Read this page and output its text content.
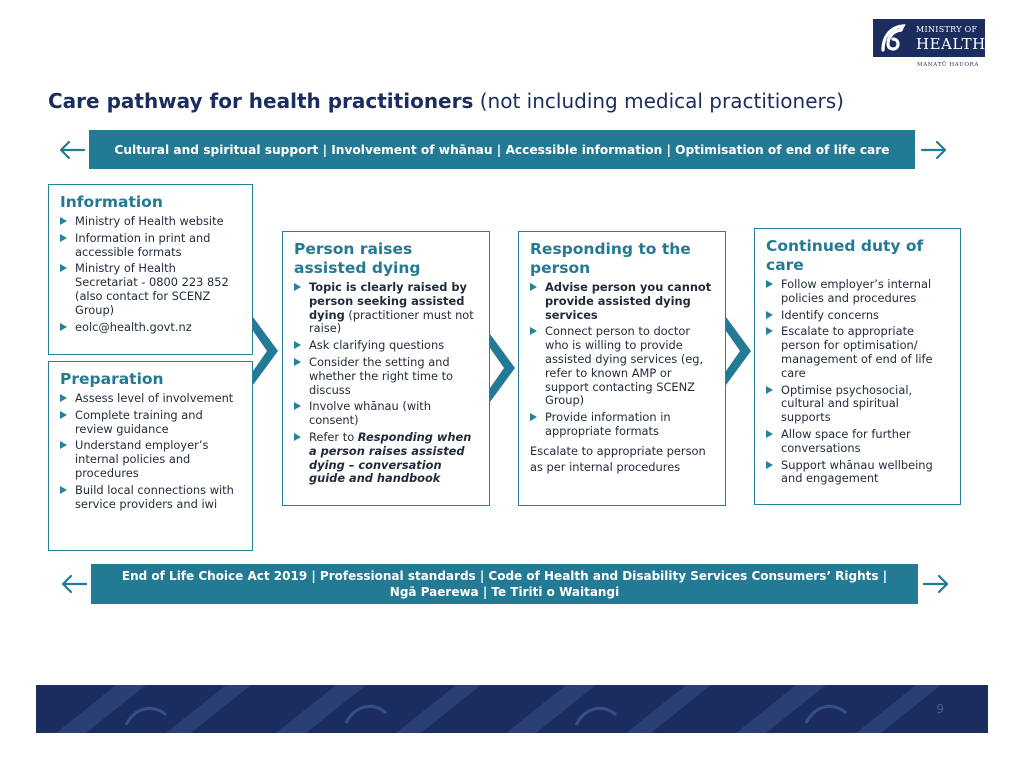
MINISTRY OF
HEALTH
MANATŪ HAUORA
Care pathway for health practitioners (not including medical practitioners)
Cultural and spiritual support | Involvement of whānau | Accessible information | Optimisation of end of life care
Information
Ministry of Health website
Information in print and accessible formats
Ministry of Health Secretariat - 0800 223 852 (also contact for SCENZ Group)
eolc@health.govt.nz
Preparation
Assess level of involvement
Complete training and review guidance
Understand employer’s internal policies and procedures
Build local connections with service providers and iwi
Person raises assisted dying
Topic is clearly raised by person seeking assisted dying (practitioner must not raise)
Ask clarifying questions
Consider the setting and whether the right time to discuss
Involve whānau (with consent)
Refer to Responding when a person raises assisted dying – conversation guide and handbook
Responding to the person
Advise person you cannot provide assisted dying services
Connect person to doctor who is willing to provide assisted dying services (eg, refer to known AMP or support contacting SCENZ Group)
Provide information in appropriate formats

Escalate to appropriate person as per internal procedures

Continued duty of care
Follow employer’s internal policies and procedures
Identify concerns
Escalate to appropriate person for optimisation/ management of end of life care
Optimise psychosocial, cultural and spiritual supports
Allow space for further conversations
Support whānau wellbeing and engagement
End of Life Choice Act 2019 | Professional standards | Code of Health and Disability Services Consumers’ Rights |
Ngā Paerewa | Te Tiriti o Waitangi
9
